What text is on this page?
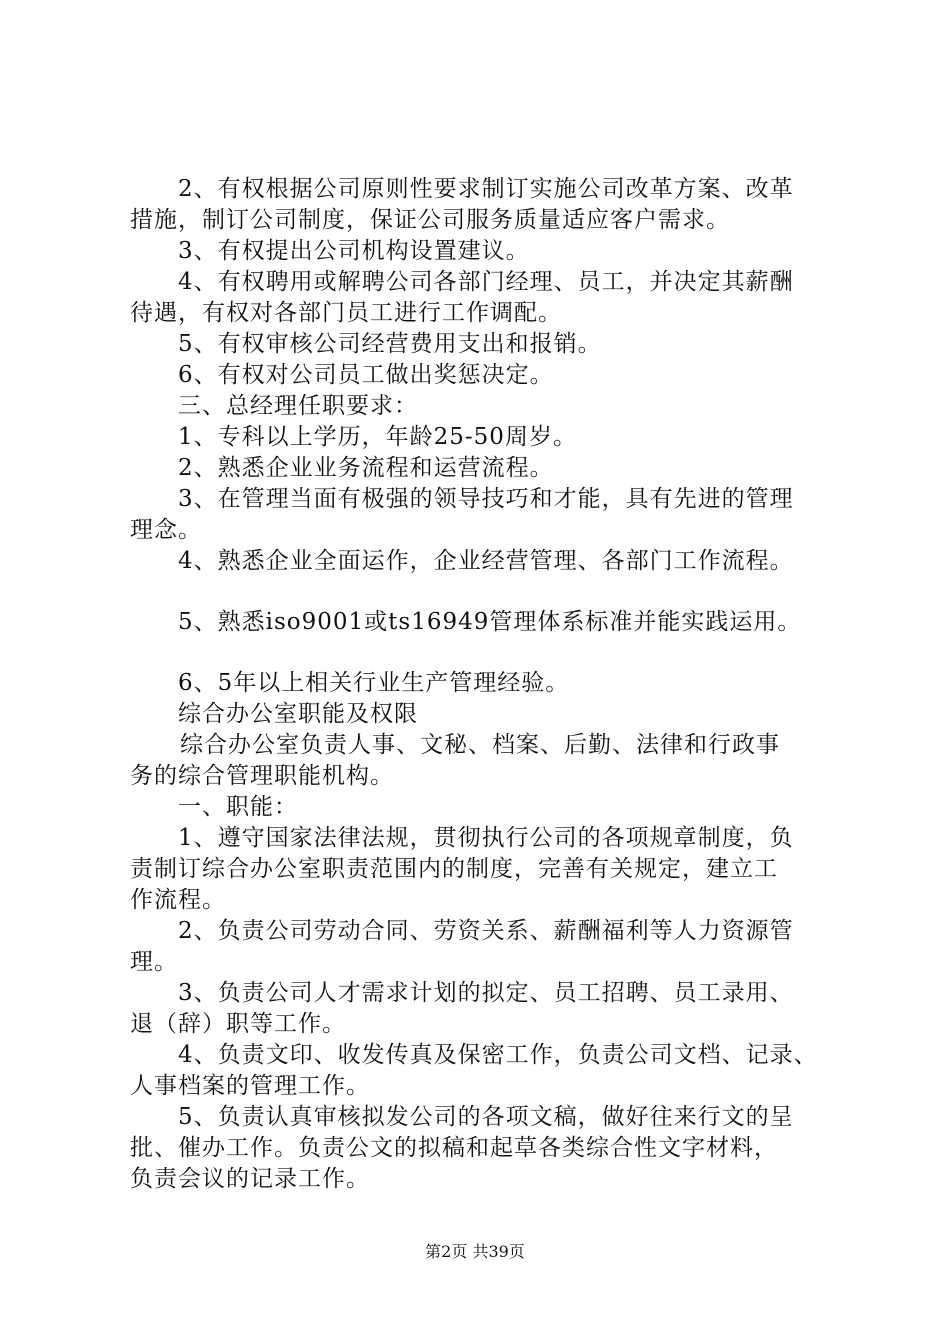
2、有权根据公司原则性要求制订实施公司改革方案、改革
措施，制订公司制度，保证公司服务质量适应客户需求。
3、有权提出公司机构设置建议。
4、有权聘用或解聘公司各部门经理、员工，并决定其薪酬
待遇，有权对各部门员工进行工作调配。
5、有权审核公司经营费用支出和报销。
6、有权对公司员工做出奖惩决定。
三、总经理任职要求：
1、专科以上学历，年龄25-50周岁。
2、熟悉企业业务流程和运营流程。
3、在管理当面有极强的领导技巧和才能，具有先进的管理
理念。
4、熟悉企业全面运作，企业经营管理、各部门工作流程。
5、熟悉iso9001或ts16949管理体系标准并能实践运用。
6、5年以上相关行业生产管理经验。
综合办公室职能及权限
综合办公室负责人事、文秘、档案、后勤、法律和行政事
务的综合管理职能机构。
一、职能：
1、遵守国家法律法规，贯彻执行公司的各项规章制度，负
责制订综合办公室职责范围内的制度，完善有关规定，建立工
作流程。
2、负责公司劳动合同、劳资关系、薪酬福利等人力资源管
理。
3、负责公司人才需求计划的拟定、员工招聘、员工录用、
退（辞）职等工作。
4、负责文印、收发传真及保密工作，负责公司文档、记录、
人事档案的管理工作。
5、负责认真审核拟发公司的各项文稿，做好往来行文的呈
批、催办工作。负责公文的拟稿和起草各类综合性文字材料，
负责会议的记录工作。
第2页 共39页
